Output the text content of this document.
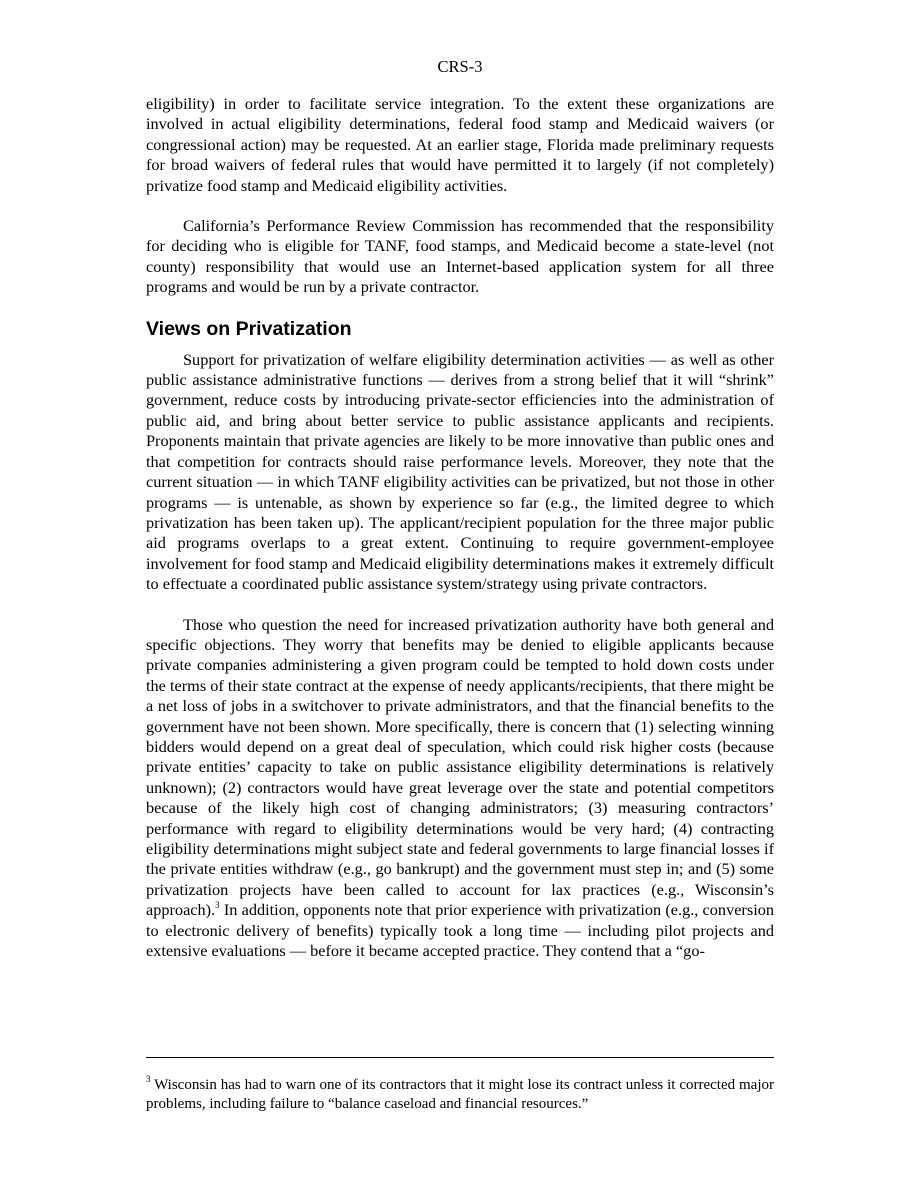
CRS-3

eligibility) in order to facilitate service integration. To the extent these organizations are involved in actual eligibility determinations, federal food stamp and Medicaid waivers (or congressional action) may be requested. At an earlier stage, Florida made preliminary requests for broad waivers of federal rules that would have permitted it to largely (if not completely) privatize food stamp and Medicaid eligibility activities.

California’s Performance Review Commission has recommended that the responsibility for deciding who is eligible for TANF, food stamps, and Medicaid become a state-level (not county) responsibility that would use an Internet-based application system for all three programs and would be run by a private contractor.

Views on Privatization

Support for privatization of welfare eligibility determination activities — as well as other public assistance administrative functions — derives from a strong belief that it will “shrink” government, reduce costs by introducing private-sector efficiencies into the administration of public aid, and bring about better service to public assistance applicants and recipients. Proponents maintain that private agencies are likely to be more innovative than public ones and that competition for contracts should raise performance levels. Moreover, they note that the current situation — in which TANF eligibility activities can be privatized, but not those in other programs — is untenable, as shown by experience so far (e.g., the limited degree to which privatization has been taken up). The applicant/recipient population for the three major public aid programs overlaps to a great extent. Continuing to require government-employee involvement for food stamp and Medicaid eligibility determinations makes it extremely difficult to effectuate a coordinated public assistance system/strategy using private contractors.

Those who question the need for increased privatization authority have both general and specific objections. They worry that benefits may be denied to eligible applicants because private companies administering a given program could be tempted to hold down costs under the terms of their state contract at the expense of needy applicants/recipients, that there might be a net loss of jobs in a switchover to private administrators, and that the financial benefits to the government have not been shown. More specifically, there is concern that (1) selecting winning bidders would depend on a great deal of speculation, which could risk higher costs (because private entities’ capacity to take on public assistance eligibility determinations is relatively unknown); (2) contractors would have great leverage over the state and potential competitors because of the likely high cost of changing administrators; (3) measuring contractors’ performance with regard to eligibility determinations would be very hard; (4) contracting eligibility determinations might subject state and federal governments to large financial losses if the private entities withdraw (e.g., go bankrupt) and the government must step in; and (5) some privatization projects have been called to account for lax practices (e.g., Wisconsin’s approach).$^3$ In addition, opponents note that prior experience with privatization (e.g., conversion to electronic delivery of benefits) typically took a long time — including pilot projects and extensive evaluations — before it became accepted practice. They contend that a “go-

$^3$ Wisconsin has had to warn one of its contractors that it might lose its contract unless it corrected major problems, including failure to “balance caseload and financial resources.”
